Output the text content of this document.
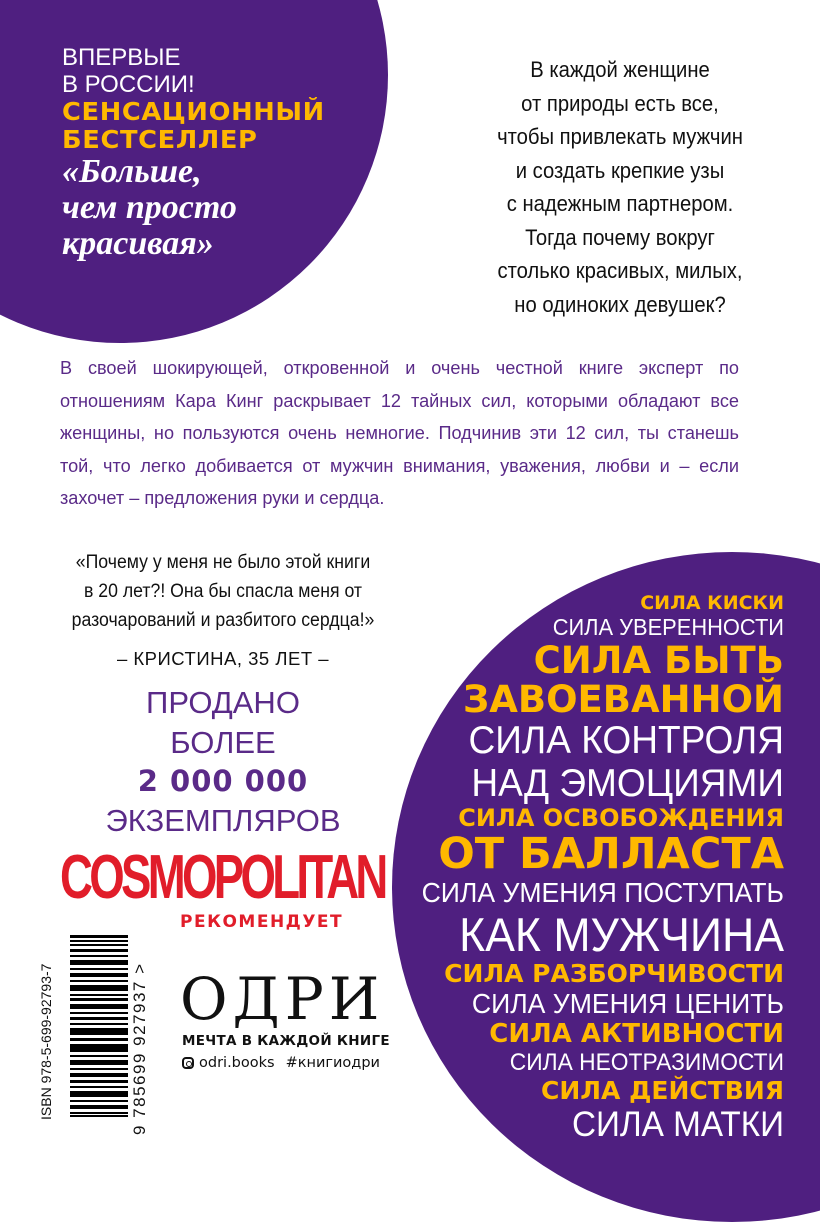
ВПЕРВЫЕ
В РОССИИ!
СЕНСАЦИОННЫЙ
БЕСТСЕЛЛЕР
«Больше,
чем просто
красивая»
В каждой женщине
от природы есть все,
чтобы привлекать мужчин
и создать крепкие узы
с надежным партнером.
Тогда почему вокруг
столько красивых, милых,
но одиноких девушек?
В своей шокирующей, откровенной и очень честной книге эксперт по отношениям Кара Кинг раскрывает 12 тайных сил, которыми обладают все женщины, но пользуются очень немногие. Подчинив эти 12 сил, ты станешь той, что легко добивается от мужчин внимания, уважения, любви и – если захочет – предложения руки и сердца.
«Почему у меня не было этой книги
в 20 лет?! Она бы спасла меня от
разочарований и разбитого сердца!»
– КРИСТИНА, 35 ЛЕТ –
ПРОДАНО
БОЛЕЕ
2 000 000
ЭКЗЕМПЛЯРОВ
COSMOPOLITAN
РЕКОМЕНДУЕТ
ISBN 978-5-699-92793-7	9 785699 927937 > ОДРИ
МЕЧТА В КАЖДОЙ КНИГЕ
odri.books #книгиодри
СИЛА КИСКИ
СИЛА УВЕРЕННОСТИ
СИЛА БЫТЬ
ЗАВОЕВАННОЙ
СИЛА КОНТРОЛЯ
НАД ЭМОЦИЯМИ
СИЛА ОСВОБОЖДЕНИЯ
ОТ БАЛЛАСТА
СИЛА УМЕНИЯ ПОСТУПАТЬ
КАК МУЖЧИНА
СИЛА РАЗБОРЧИВОСТИ
СИЛА УМЕНИЯ ЦЕНИТЬ
СИЛА АКТИВНОСТИ
СИЛА НЕОТРАЗИМОСТИ
СИЛА ДЕЙСТВИЯ
СИЛА МАТКИ
